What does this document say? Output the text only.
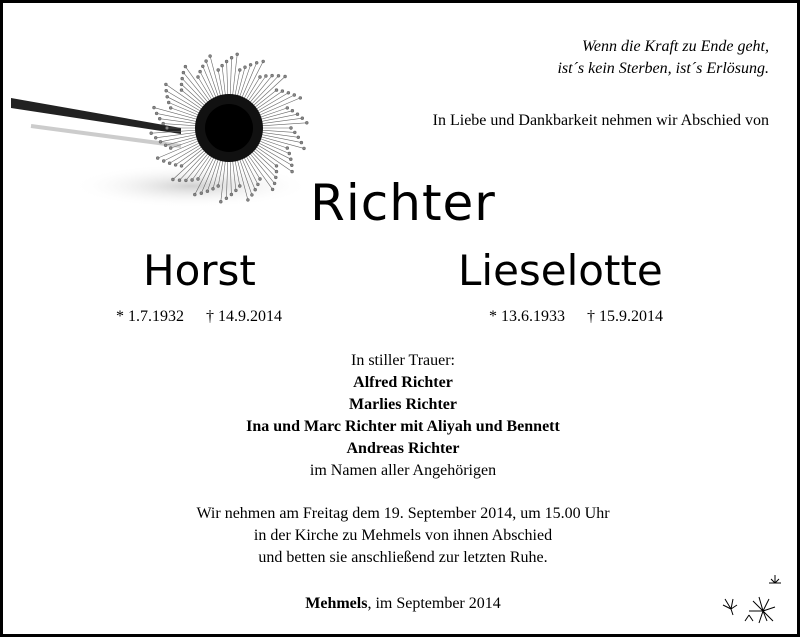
Wenn die Kraft zu Ende geht,
ist´s kein Sterben, ist´s Erlösung.
In Liebe und Dankbarkeit nehmen wir Abschied von
Richter
Horst	Lieselotte
* 1.7.1932 † 14.9.2014	* 13.6.1933 † 15.9.2014
In stiller Trauer:
Alfred Richter
Marlies Richter
Ina und Marc Richter mit Aliyah und Bennett
Andreas Richter
im Namen aller Angehörigen
Wir nehmen am Freitag dem 19. September 2014, um 15.00 Uhr
in der Kirche zu Mehmels von ihnen Abschied
und betten sie anschließend zur letzten Ruhe.
Mehmels, im September 2014
